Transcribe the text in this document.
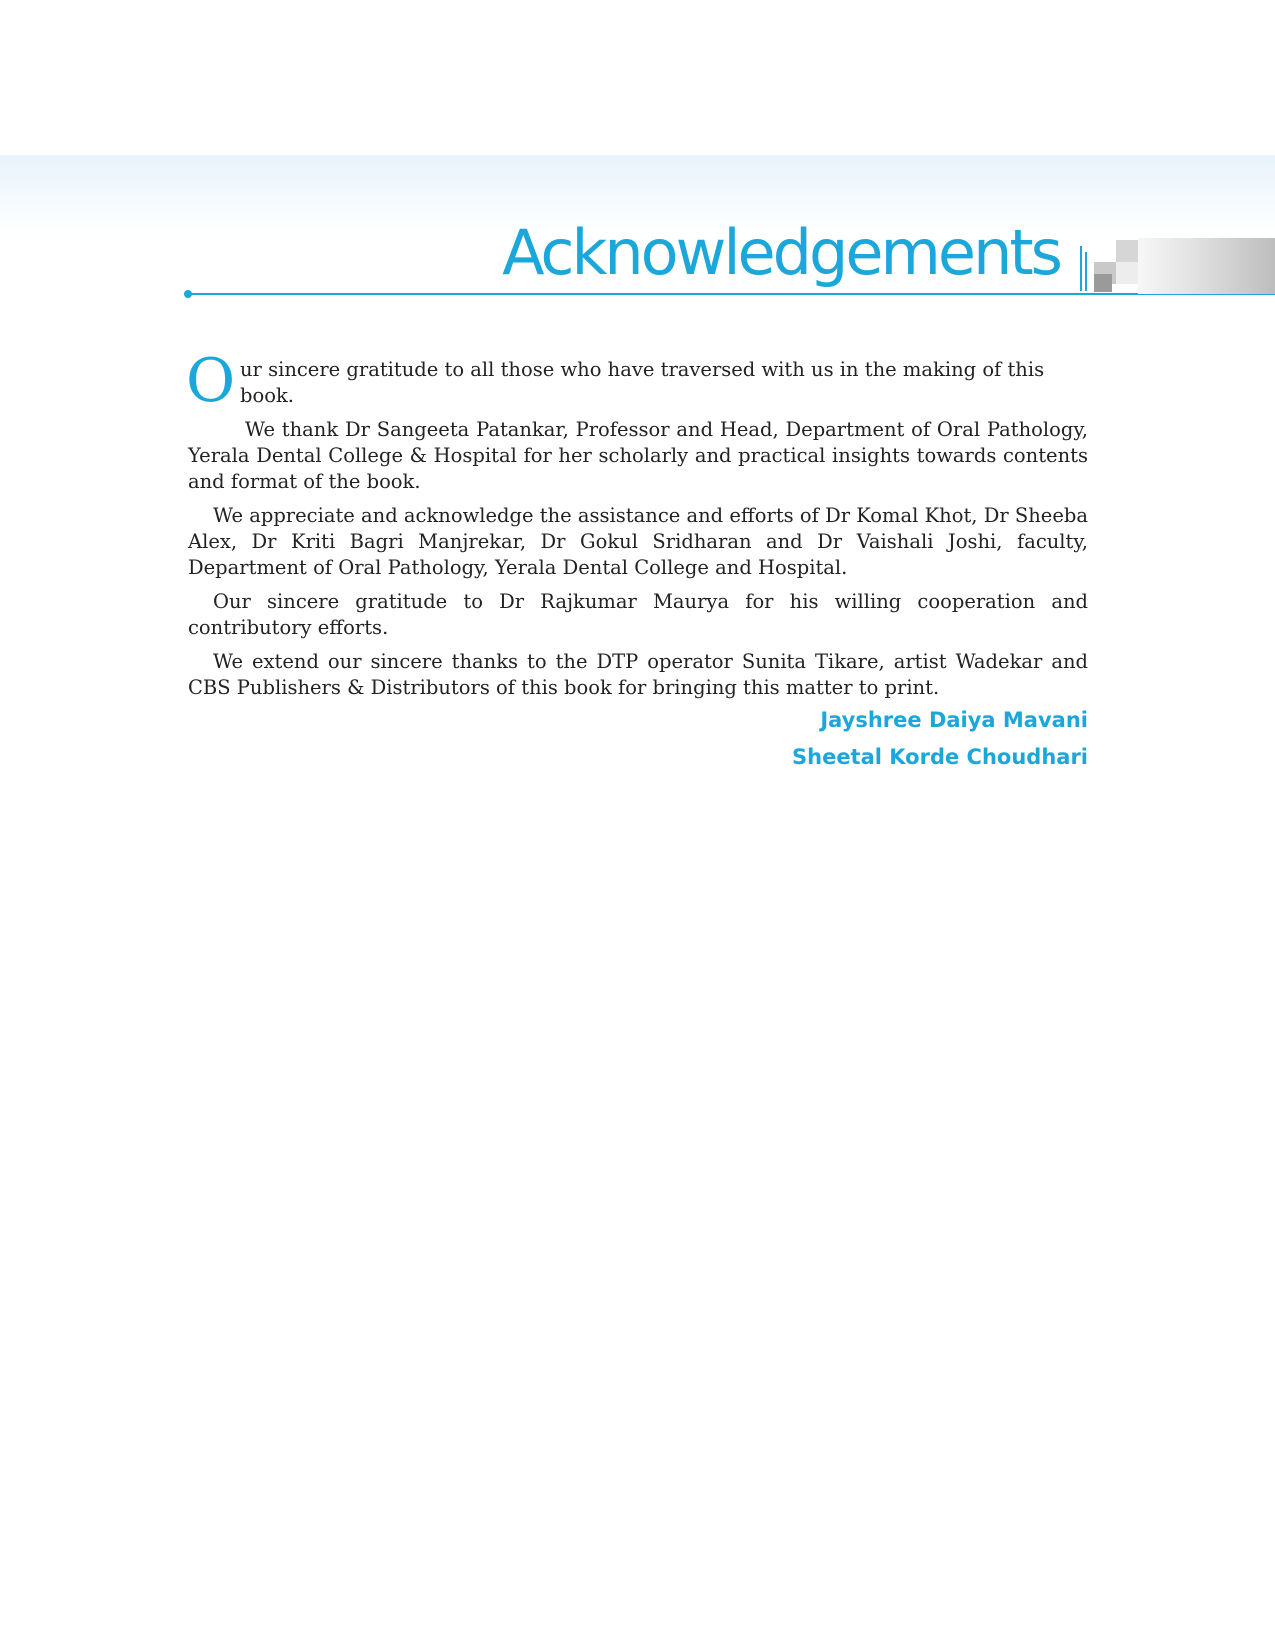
Acknowledgements

O ur sincere gratitude to all those who have traversed with us in the making of this book.

We thank Dr Sangeeta Patankar, Professor and Head, Department of Oral Pathology, Yerala Dental College & Hospital for her scholarly and practical insights towards contents and format of the book.

We appreciate and acknowledge the assistance and efforts of Dr Komal Khot, Dr Sheeba Alex, Dr Kriti Bagri Manjrekar, Dr Gokul Sridharan and Dr Vaishali Joshi, faculty, Department of Oral Pathology, Yerala Dental College and Hospital.

Our sincere gratitude to Dr Rajkumar Maurya for his willing cooperation and contributory efforts.

We extend our sincere thanks to the DTP operator Sunita Tikare, artist Wadekar and CBS Publishers & Distributors of this book for bringing this matter to print.

Jayshree Daiya Mavani
Sheetal Korde Choudhari
